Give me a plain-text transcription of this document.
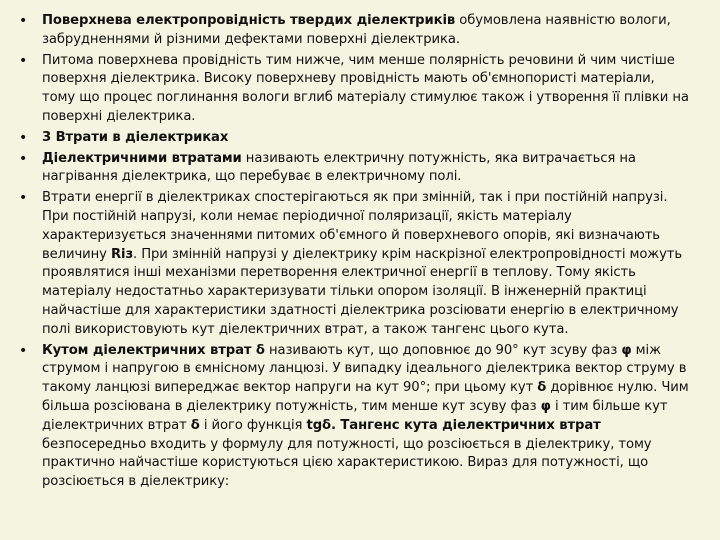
• Поверхнева електропровідність твердих діелектриків обумовлена наявністю вологи, забрудненнями й різними дефектами поверхні діелектрика.
• Питома поверхнева провідність тим нижче, чим менше полярність речовини й чим чистіше поверхня діелектрика. Високу поверхневу провідність мають об'ємнопористі матеріали, тому що процес поглинання вологи вглиб матеріалу стимулює також і утворення її плівки на поверхні діелектрика.
• 3 Втрати в діелектриках
• Діелектричними втратами називають електричну потужність, яка витрачається на нагрівання діелектрика, що перебуває в електричному полі.
• Втрати енергії в діелектриках спостерігаються як при змінній, так і при постійній напрузі. При постійній напрузі, коли немає періодичної поляризації, якість матеріалу характеризується значеннями питомих об'ємного й поверхневого опорів, які визначають величину Riз. При змінній напрузі у діелектрику крім наскрізної електропровідності можуть проявлятися інші механізми перетворення електричної енергії в теплову. Тому якість матеріалу недостатньо характеризувати тільки опором ізоляції. В інженерній практиці найчастіше для характеристики здатності діелектрика розсіювати енергію в електричному полі використовують кут діелектричних втрат, а також тангенс цього кута.
• Кутом діелектричних втрат δ називають кут, що доповнює до 90° кут зсуву фаз φ між струмом і напругою в ємнісному ланцюзі. У випадку ідеального діелектрика вектор струму в такому ланцюзі випереджає вектор напруги на кут 90°; при цьому кут δ дорівнює нулю. Чим більша розсіювана в діелектрику потужність, тим менше кут зсуву фаз φ і тим більше кут діелектричних втрат δ і його функція tgδ. Тангенс кута діелектричних втрат безпосередньо входить у формулу для потужності, що розсіюється в діелектрику, тому практично найчастіше користуються цією характеристикою. Вираз для потужності, що розсіюється в діелектрику:
